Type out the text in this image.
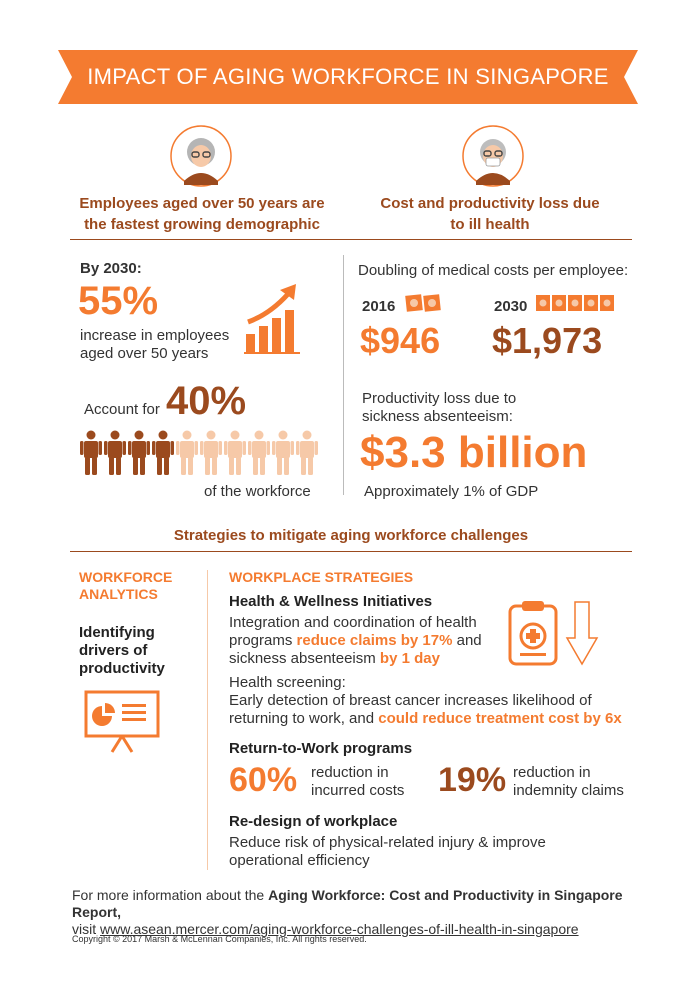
IMPACT OF AGING WORKFORCE IN SINGAPORE
Employees aged over 50 years are the fastest growing demographic
Cost and productivity loss due to ill health
By 2030:
55%
increase in employees aged over 50 years
Account for 40%
of the workforce
Doubling of medical costs per employee:
2016
$946
2030
$1,973
Productivity loss due to sickness absenteeism:
$3.3 billion
Approximately 1% of GDP
Strategies to mitigate aging workforce challenges
WORKFORCE ANALYTICS
Identifying drivers of productivity
WORKPLACE STRATEGIES
Health & Wellness Initiatives
Integration and coordination of health programs reduce claims by 17% and sickness absenteeism by 1 day
Health screening:
Early detection of breast cancer increases likelihood of returning to work, and could reduce treatment cost by 6x
Return-to-Work programs
60% reduction in incurred costs 19% reduction in indemnity claims
Re-design of workplace
Reduce risk of physical-related injury & improve operational efficiency
For more information about the Aging Workforce: Cost and Productivity in Singapore Report,
visit www.asean.mercer.com/aging-workforce-challenges-of-ill-health-in-singapore
Copyright © 2017 Marsh & McLennan Companies, Inc. All rights reserved.
